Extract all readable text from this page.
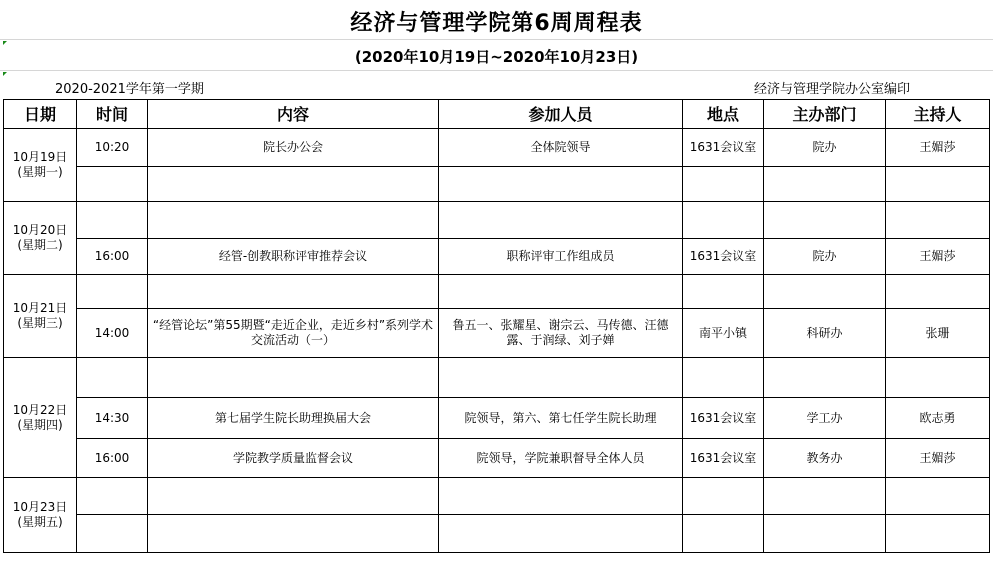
经济与管理学院第6周周程表
(2020年10月19日~2020年10月23日)
2020-2021学年第一学期	经济与管理学院办公室编印
日期	时间	内容	参加人员	地点	主办部门	主持人

10月19日
(星期一)	10:20	院长办公会	全体院领导	1631会议室	院办	王媚莎

10月20日
(星期二)						

	16:00	经管-创教职称评审推荐会议	职称评审工作组成员	1631会议室	院办	王媚莎

10月21日
(星期三)						

	14:00	“经管论坛”第55期暨“走近企业，走近乡村”系列学术交流活动（一）	鲁五一、张耀星、谢宗云、马传德、汪德露、于润绿、刘子婵	南平小镇	科研办	张珊

10月22日
(星期四)						

	14:30	第七届学生院长助理换届大会	院领导，第六、第七任学生院长助理	1631会议室	学工办	欧志勇
	16:00	学院教学质量监督会议	院领导，学院兼职督导全体人员	1631会议室	教务办	王媚莎

10月23日
(星期五)						
